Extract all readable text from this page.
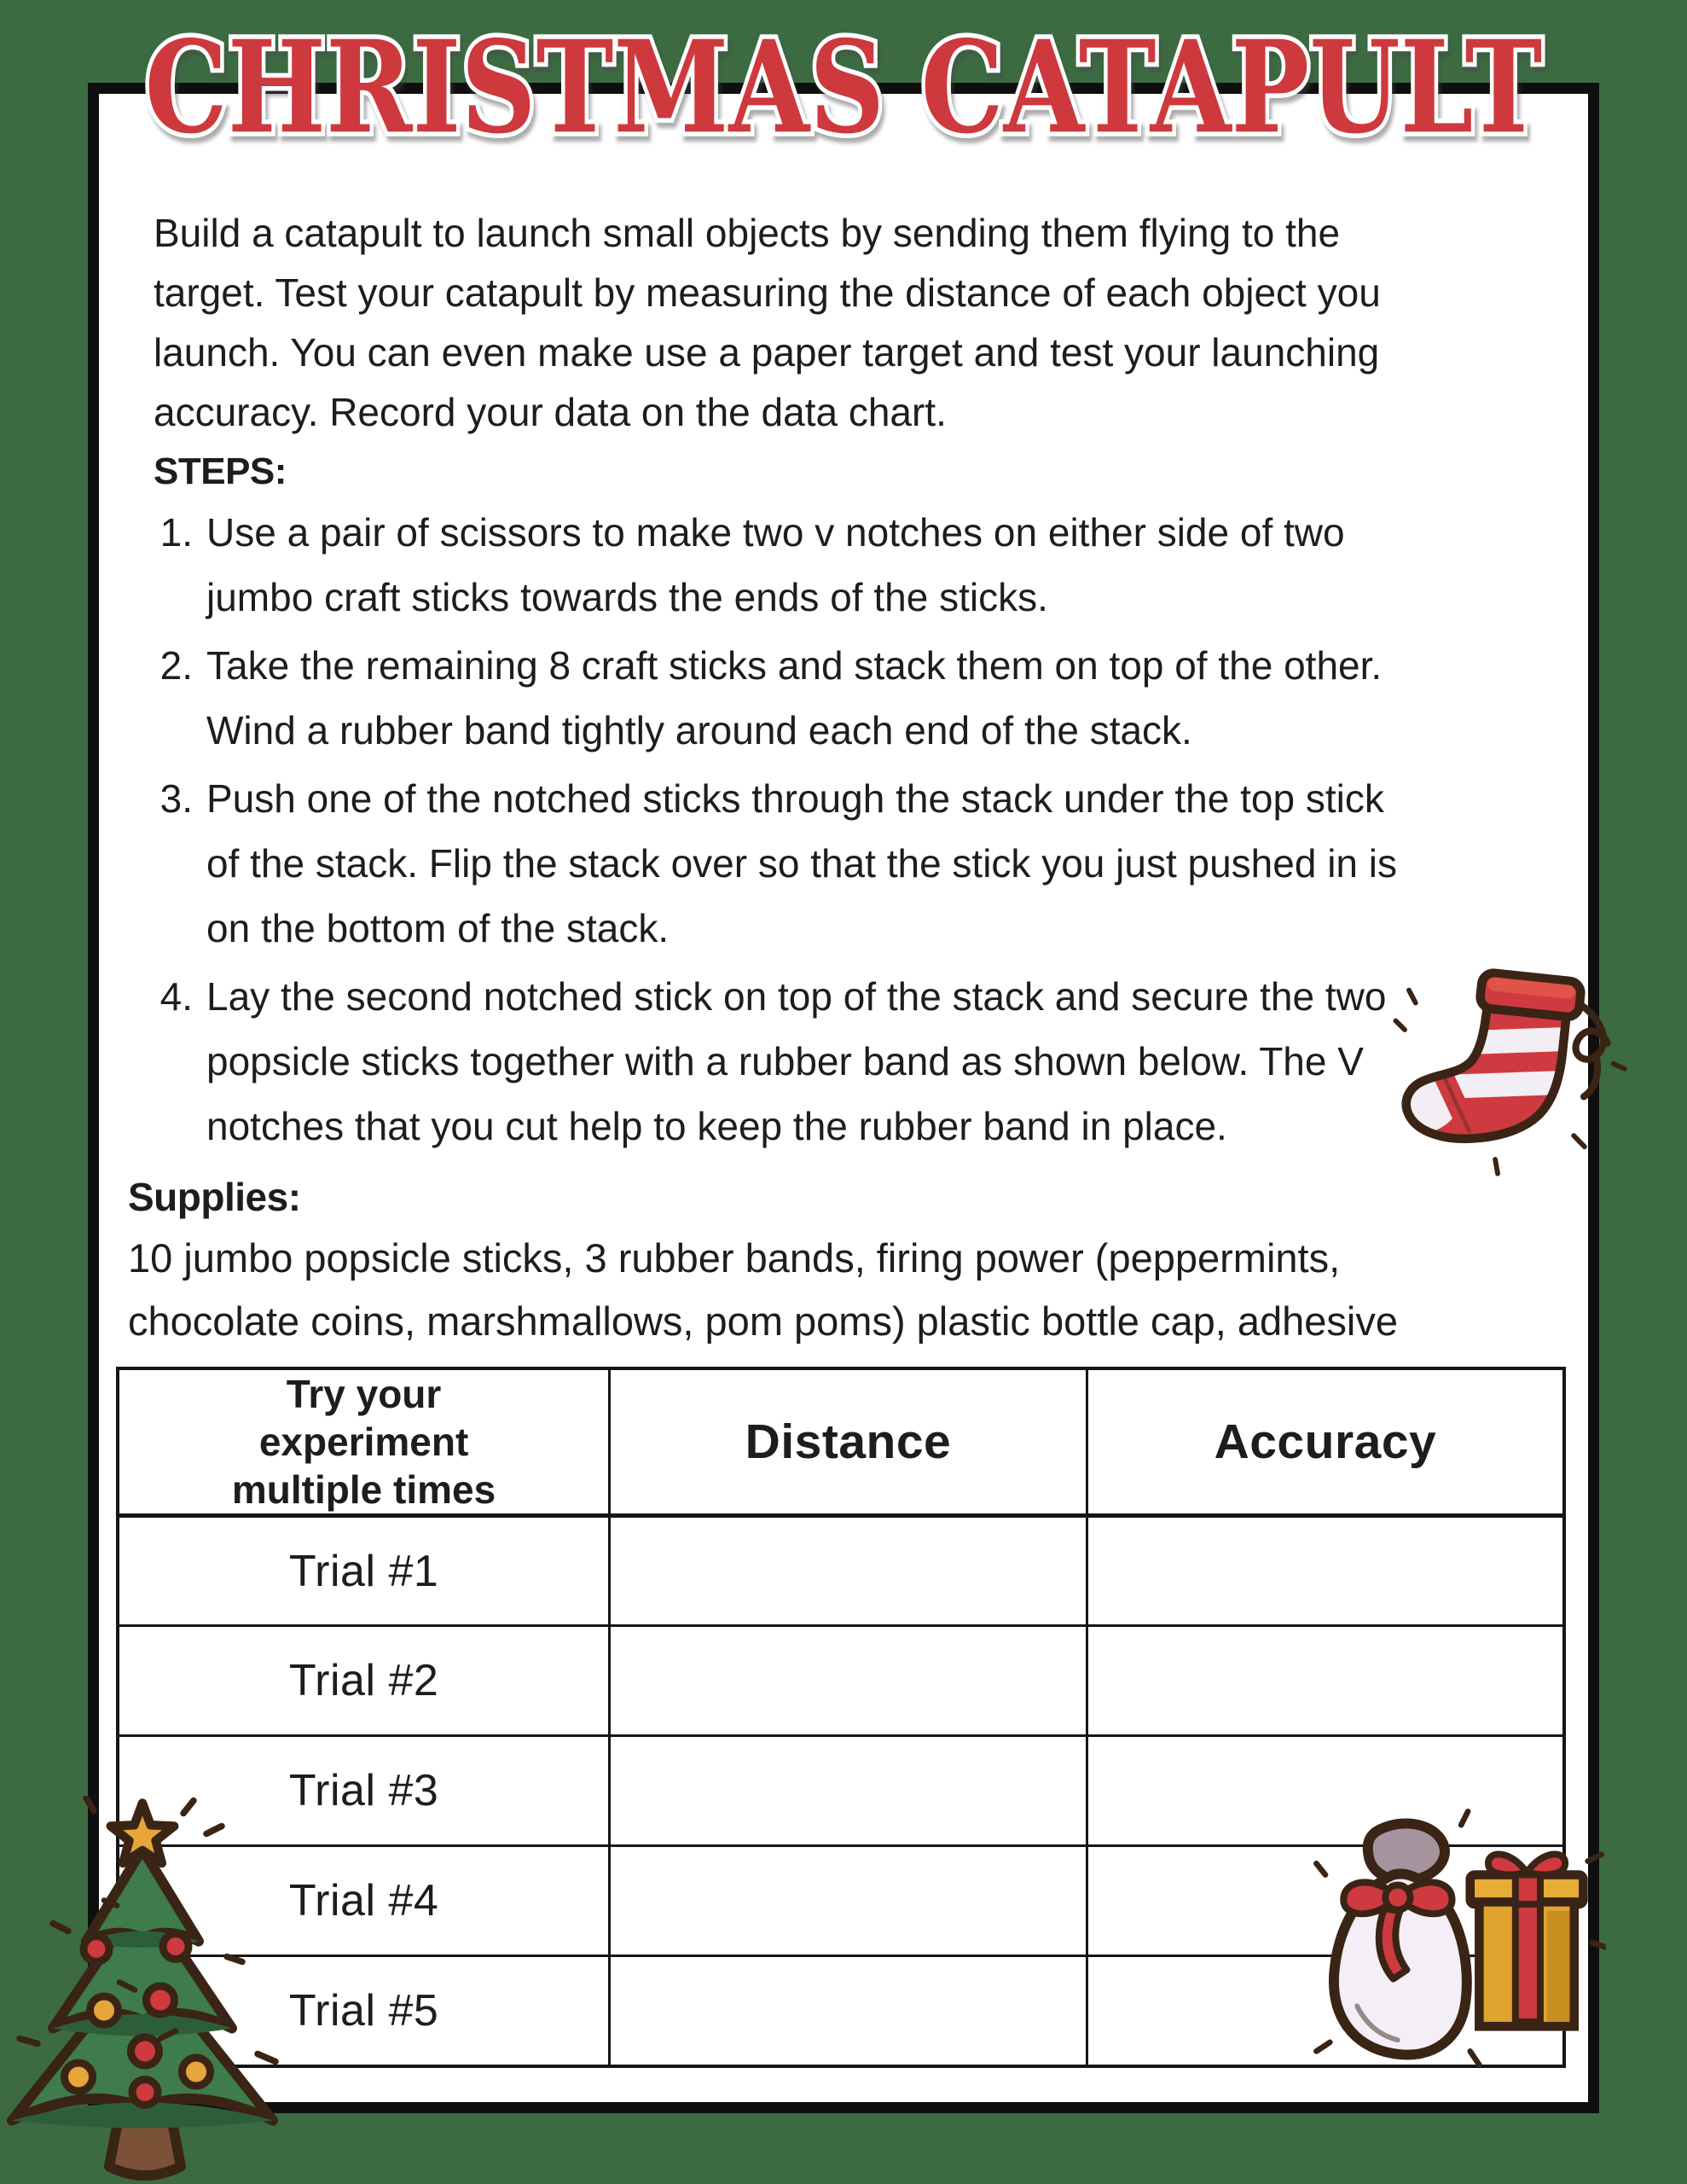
CHRISTMAS CATAPULT
Build a catapult to launch small objects by sending them flying to the
target. Test your catapult by measuring the distance of each object you
launch. You can even make use a paper target and test your launching
accuracy. Record your data on the data chart.
STEPS:
1. Use a pair of scissors to make two v notches on either side of two
jumbo craft sticks towards the ends of the sticks.
2. Take the remaining 8 craft sticks and stack them on top of the other.
Wind a rubber band tightly around each end of the stack.
3. Push one of the notched sticks through the stack under the top stick
of the stack. Flip the stack over so that the stick you just pushed in is
on the bottom of the stack.
4. Lay the second notched stick on top of the stack and secure the two
popsicle sticks together with a rubber band as shown below. The V
notches that you cut help to keep the rubber band in place.
Supplies:
10 jumbo popsicle sticks, 3 rubber bands, firing power (peppermints,
chocolate coins, marshmallows, pom poms) plastic bottle cap, adhesive
Try your experiment multiple times	Distance	Accuracy
Trial #1		
Trial #2		
Trial #3		
Trial #4		
Trial #5		
